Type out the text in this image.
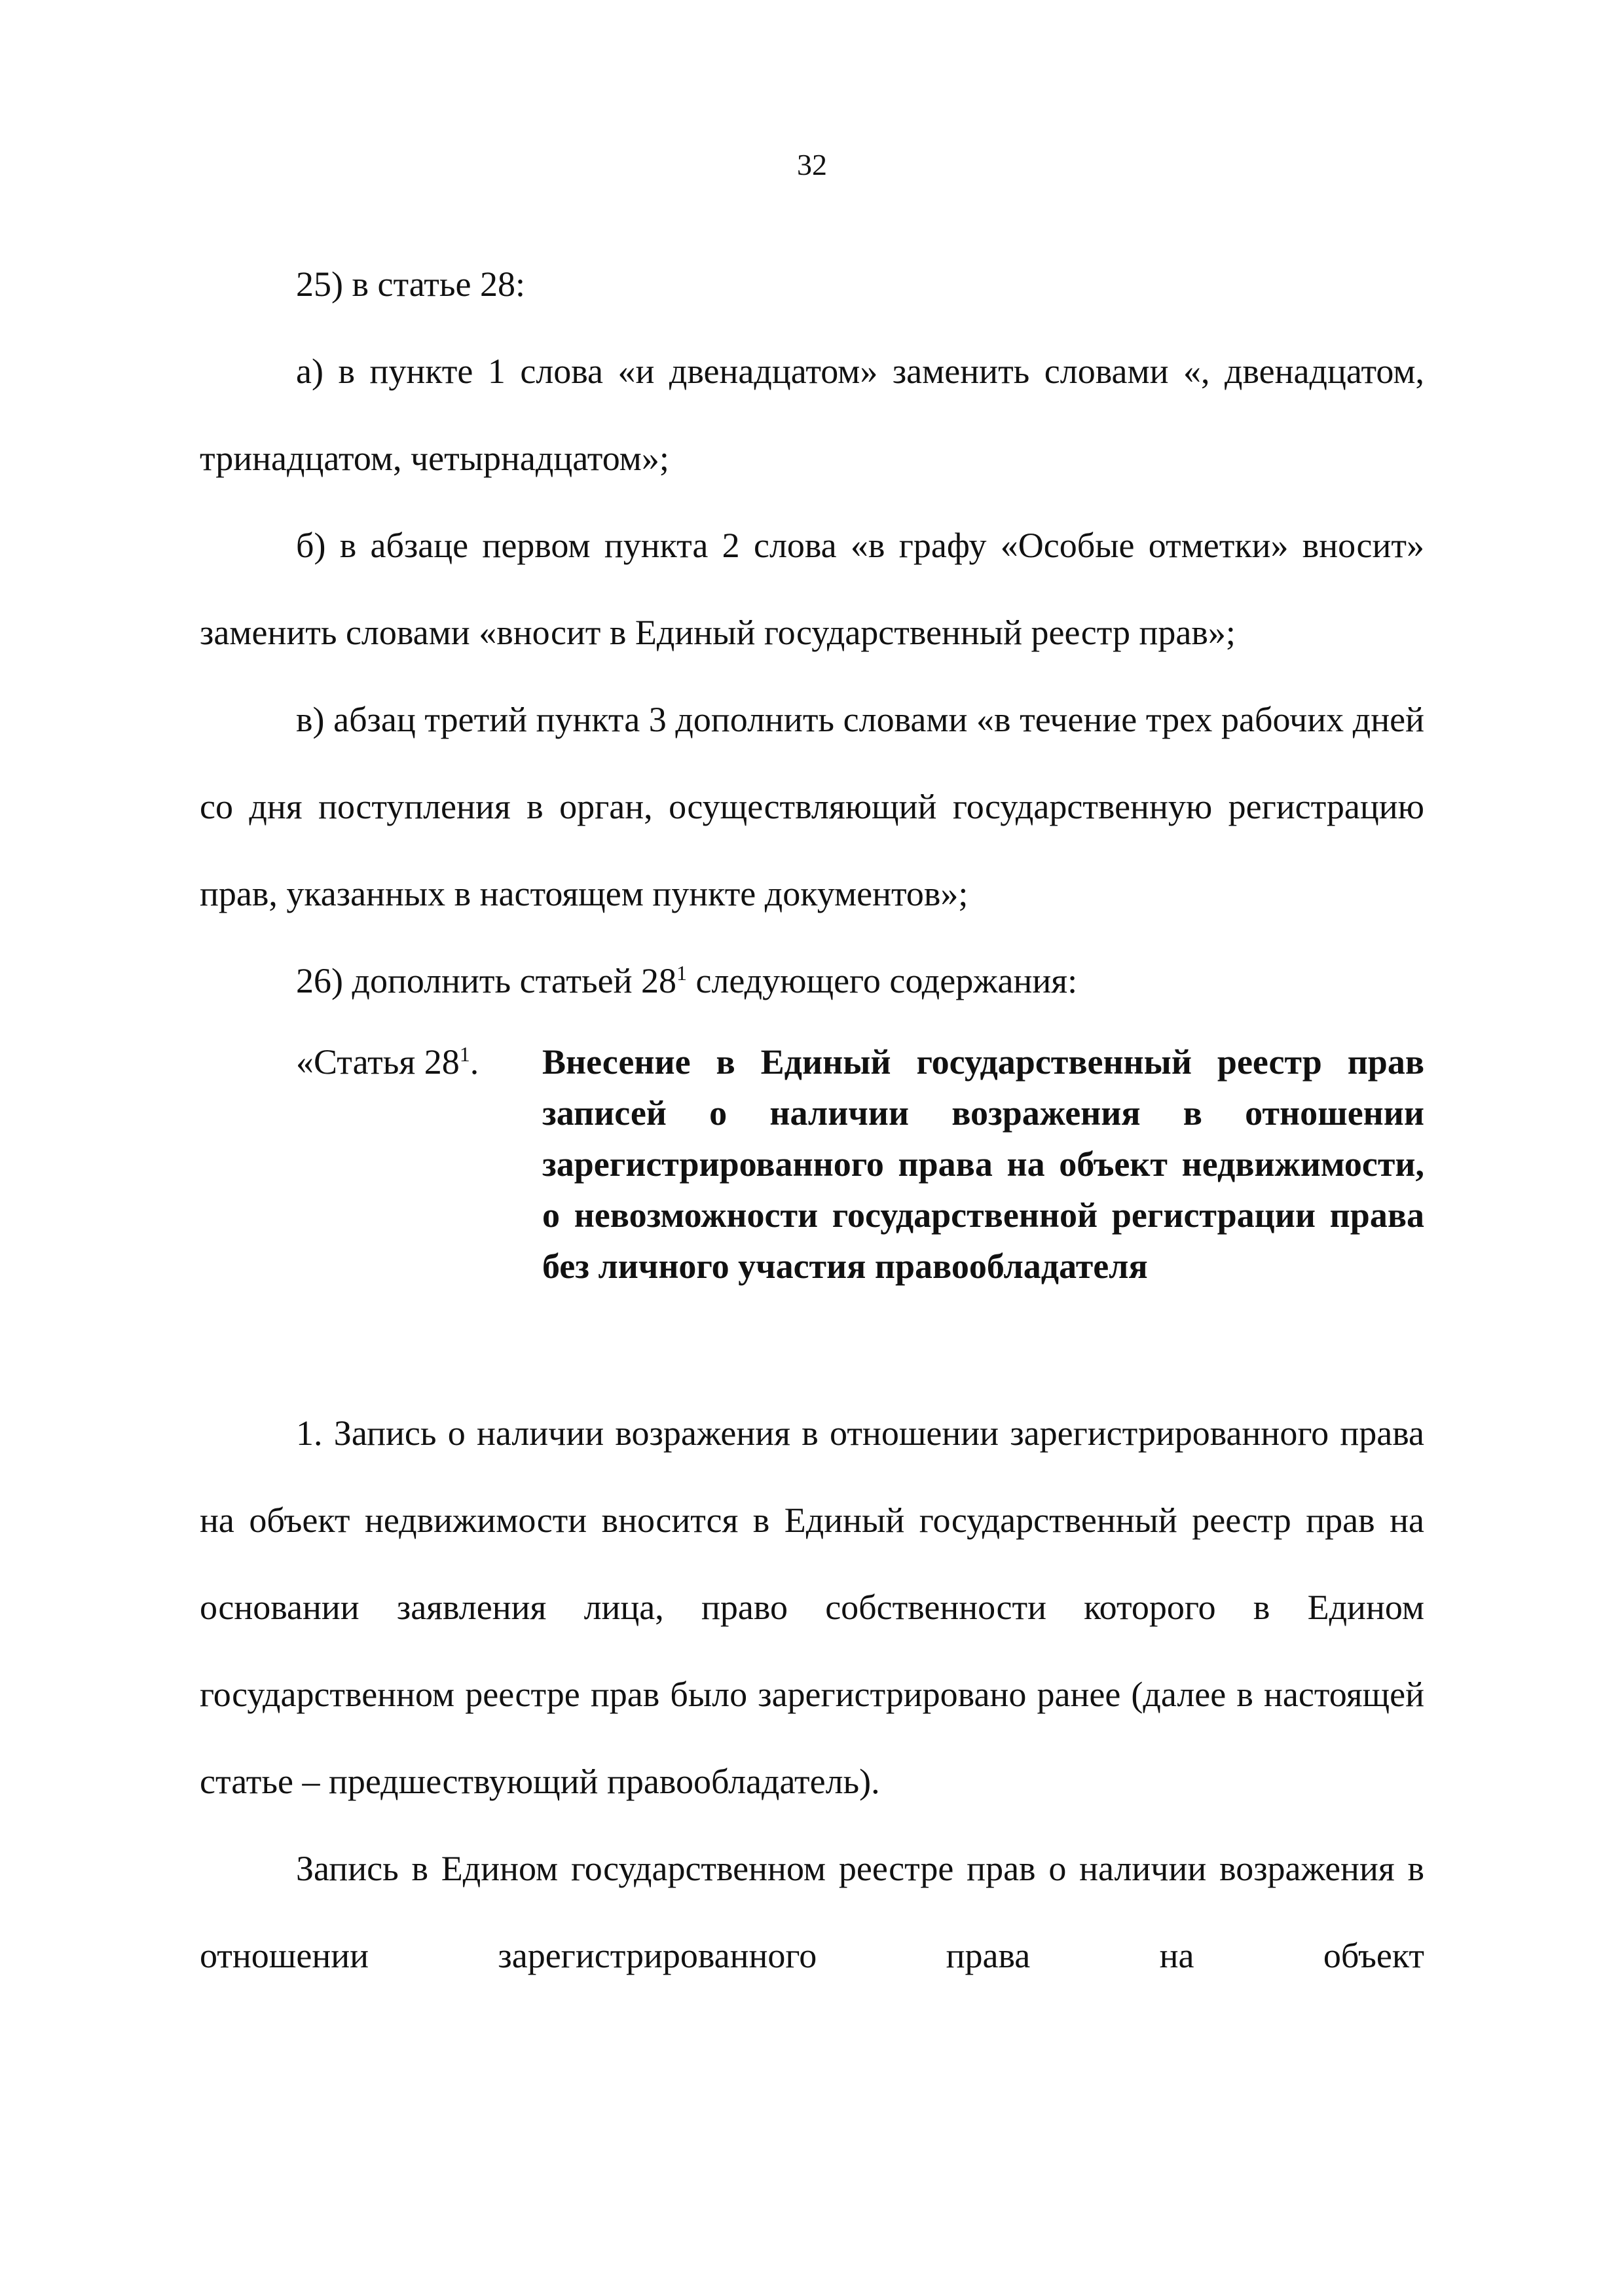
32

25) в статье 28:

а) в пункте 1 слова «и двенадцатом» заменить словами «, двенадцатом, тринадцатом, четырнадцатом»;

б) в абзаце первом пункта 2 слова «в графу «Особые отметки» вносит» заменить словами «вносит в Единый государственный реестр прав»;

в) абзац третий пункта 3 дополнить словами «в течение трех рабочих дней со дня поступления в орган, осуществляющий государственную регистрацию прав, указанных в настоящем пункте документов»;

26) дополнить статьей $28^1$ следующего содержания:

«Статья $28^1$.	Внесение в Единый государственный реестр прав записей о наличии возражения в отношении зарегистрированного права на объект недвижимости, о невозможности государственной регистрации права без личного участия правообладателя

1. Запись о наличии возражения в отношении зарегистрированного права на объект недвижимости вносится в Единый государственный реестр прав на основании заявления лица, право собственности которого в Едином государственном реестре прав было зарегистрировано ранее (далее в настоящей статье – предшествующий правообладатель).

Запись в Едином государственном реестре прав о наличии возражения в отношении зарегистрированного права на объект
